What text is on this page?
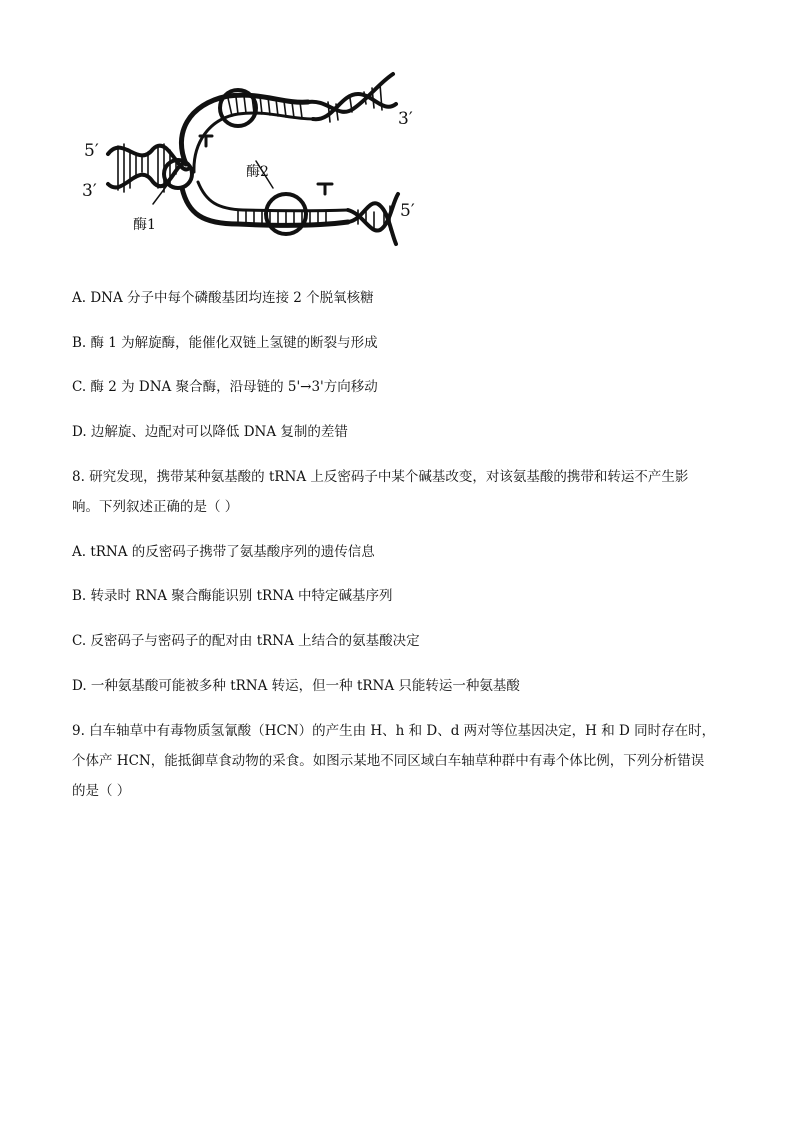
5′
3′
3′
5′
酶1
酶2

A. DNA 分子中每个磷酸基团均连接 2 个脱氧核糖

B. 酶 1 为解旋酶，能催化双链上氢键的断裂与形成

C. 酶 2 为 DNA 聚合酶，沿母链的 5'→3'方向移动

D. 边解旋、边配对可以降低 DNA 复制的差错

8. 研究发现，携带某种氨基酸的 tRNA 上反密码子中某个碱基改变，对该氨基酸的携带和转运不产生影

响。下列叙述正确的是（ ）

A. tRNA 的反密码子携带了氨基酸序列的遗传信息

B. 转录时 RNA 聚合酶能识别 tRNA 中特定碱基序列

C. 反密码子与密码子的配对由 tRNA 上结合的氨基酸决定

D. 一种氨基酸可能被多种 tRNA 转运，但一种 tRNA 只能转运一种氨基酸

9. 白车轴草中有毒物质氢氰酸（HCN）的产生由 H、h 和 D、d 两对等位基因决定，H 和 D 同时存在时，

个体产 HCN，能抵御草食动物的采食。如图示某地不同区域白车轴草种群中有毒个体比例，下列分析错误

的是（ ）
